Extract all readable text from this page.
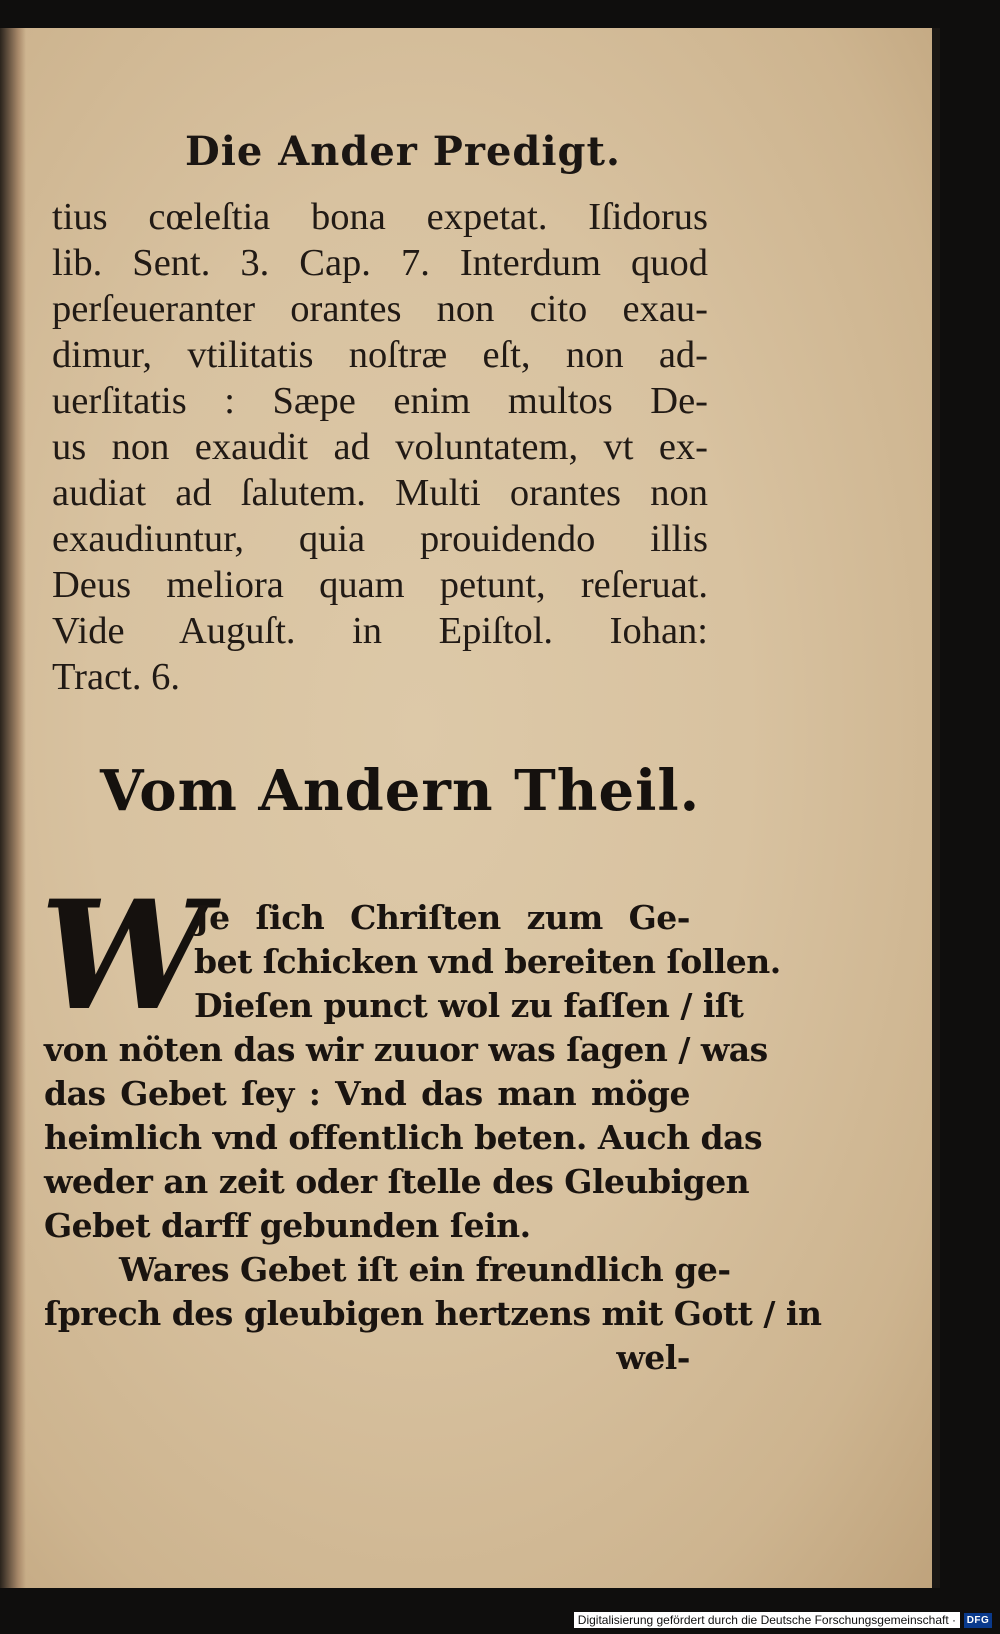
Die Ander Predigt.
tius cœleſtia bona expetat. Iſidorus
lib. Sent. 3. Cap. 7. Interdum quod
perſeueranter orantes non cito exau-
dimur, vtilitatis noſtræ eſt, non ad-
uerſitatis : Sæpe enim multos De-
us non exaudit ad voluntatem, vt ex-
audiat ad ſalutem. Multi orantes non
exaudiuntur, quia prouidendo illis
Deus meliora quam petunt, reſeruat.
Vide Auguſt. in Epiſtol. Iohan:
Tract. 6.
Vom Andern Theil.
W
Je ſich Chriſten zum Ge-
bet ſchicken vnd bereiten ſollen.
Dieſen punct wol zu faſſen / iſt
von nöten das wir zuuor was ſagen / was
das Gebet ſey : Vnd das man möge
heimlich vnd offentlich beten. Auch das
weder an zeit oder ſtelle des Gleubigen
Gebet darff gebunden ſein.
Wares Gebet iſt ein freundlich ge-
ſprech des gleubigen hertzens mit Gott / in
wel-
Digitalisierung gefördert durch die Deutsche Forschungsgemeinschaft ·	DFG
